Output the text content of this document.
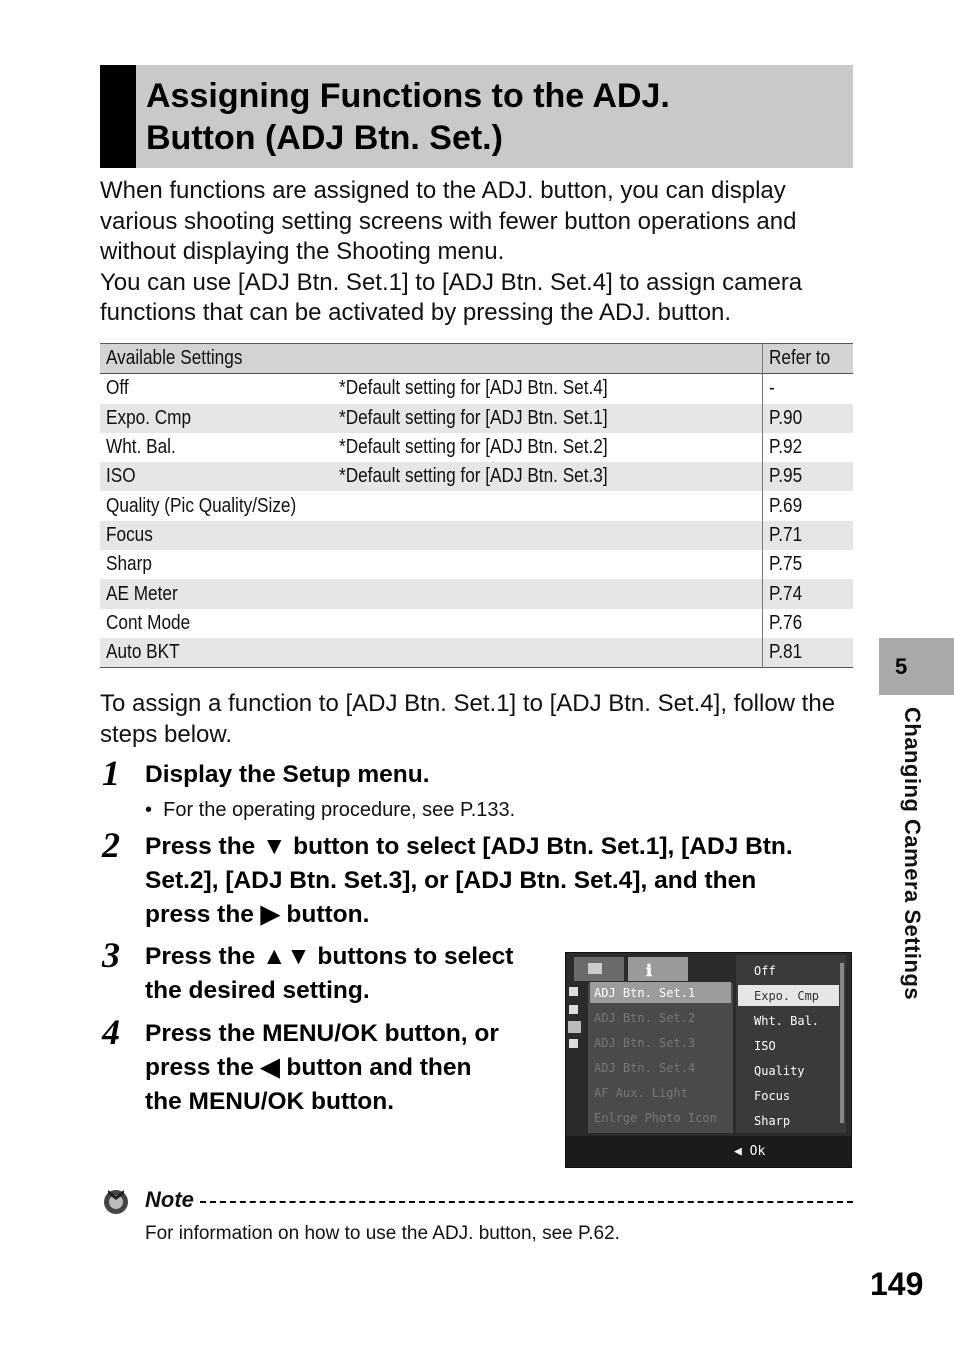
Assigning Functions to the ADJ.
Button (ADJ Btn. Set.)

When functions are assigned to the ADJ. button, you can display various shooting setting screens with fewer button operations and without displaying the Shooting menu.

You can use [ADJ Btn. Set.1] to [ADJ Btn. Set.4] to assign camera functions that can be activated by pressing the ADJ. button.

Available Settings		Refer to
Off	*Default setting for [ADJ Btn. Set.4]	-
Expo. Cmp	*Default setting for [ADJ Btn. Set.1]	P.90
Wht. Bal.	*Default setting for [ADJ Btn. Set.2]	P.92
ISO	*Default setting for [ADJ Btn. Set.3]	P.95
Quality (Pic Quality/Size)		P.69
Focus		P.71
Sharp		P.75
AE Meter		P.74
Cont Mode		P.76
Auto BKT		P.81

To assign a function to [ADJ Btn. Set.1] to [ADJ Btn. Set.4], follow the steps below.

1 Display the Setup menu.
•  For the operating procedure, see P.133.
2 Press the ▼ button to select [ADJ Btn. Set.1], [ADJ Btn.

Set.2], [ADJ Btn. Set.3], or [ADJ Btn. Set.4], and then

press the ▶ button.

3 Press the ▲▼ buttons to select

the desired setting.

4 Press the MENU/OK button, or

press the ◀ button and then

the MENU/OK button.

ℹ
ADJ Btn. Set.1
ADJ Btn. Set.2
ADJ Btn. Set.3
ADJ Btn. Set.4
AF Aux. Light
Enlrge Photo Icon
Off
Expo. Cmp
Wht. Bal.
ISO
Quality
Focus
Sharp
◀ Ok
Note
For information on how to use the ADJ. button, see P.62.
5
Changing Camera Settings
149
